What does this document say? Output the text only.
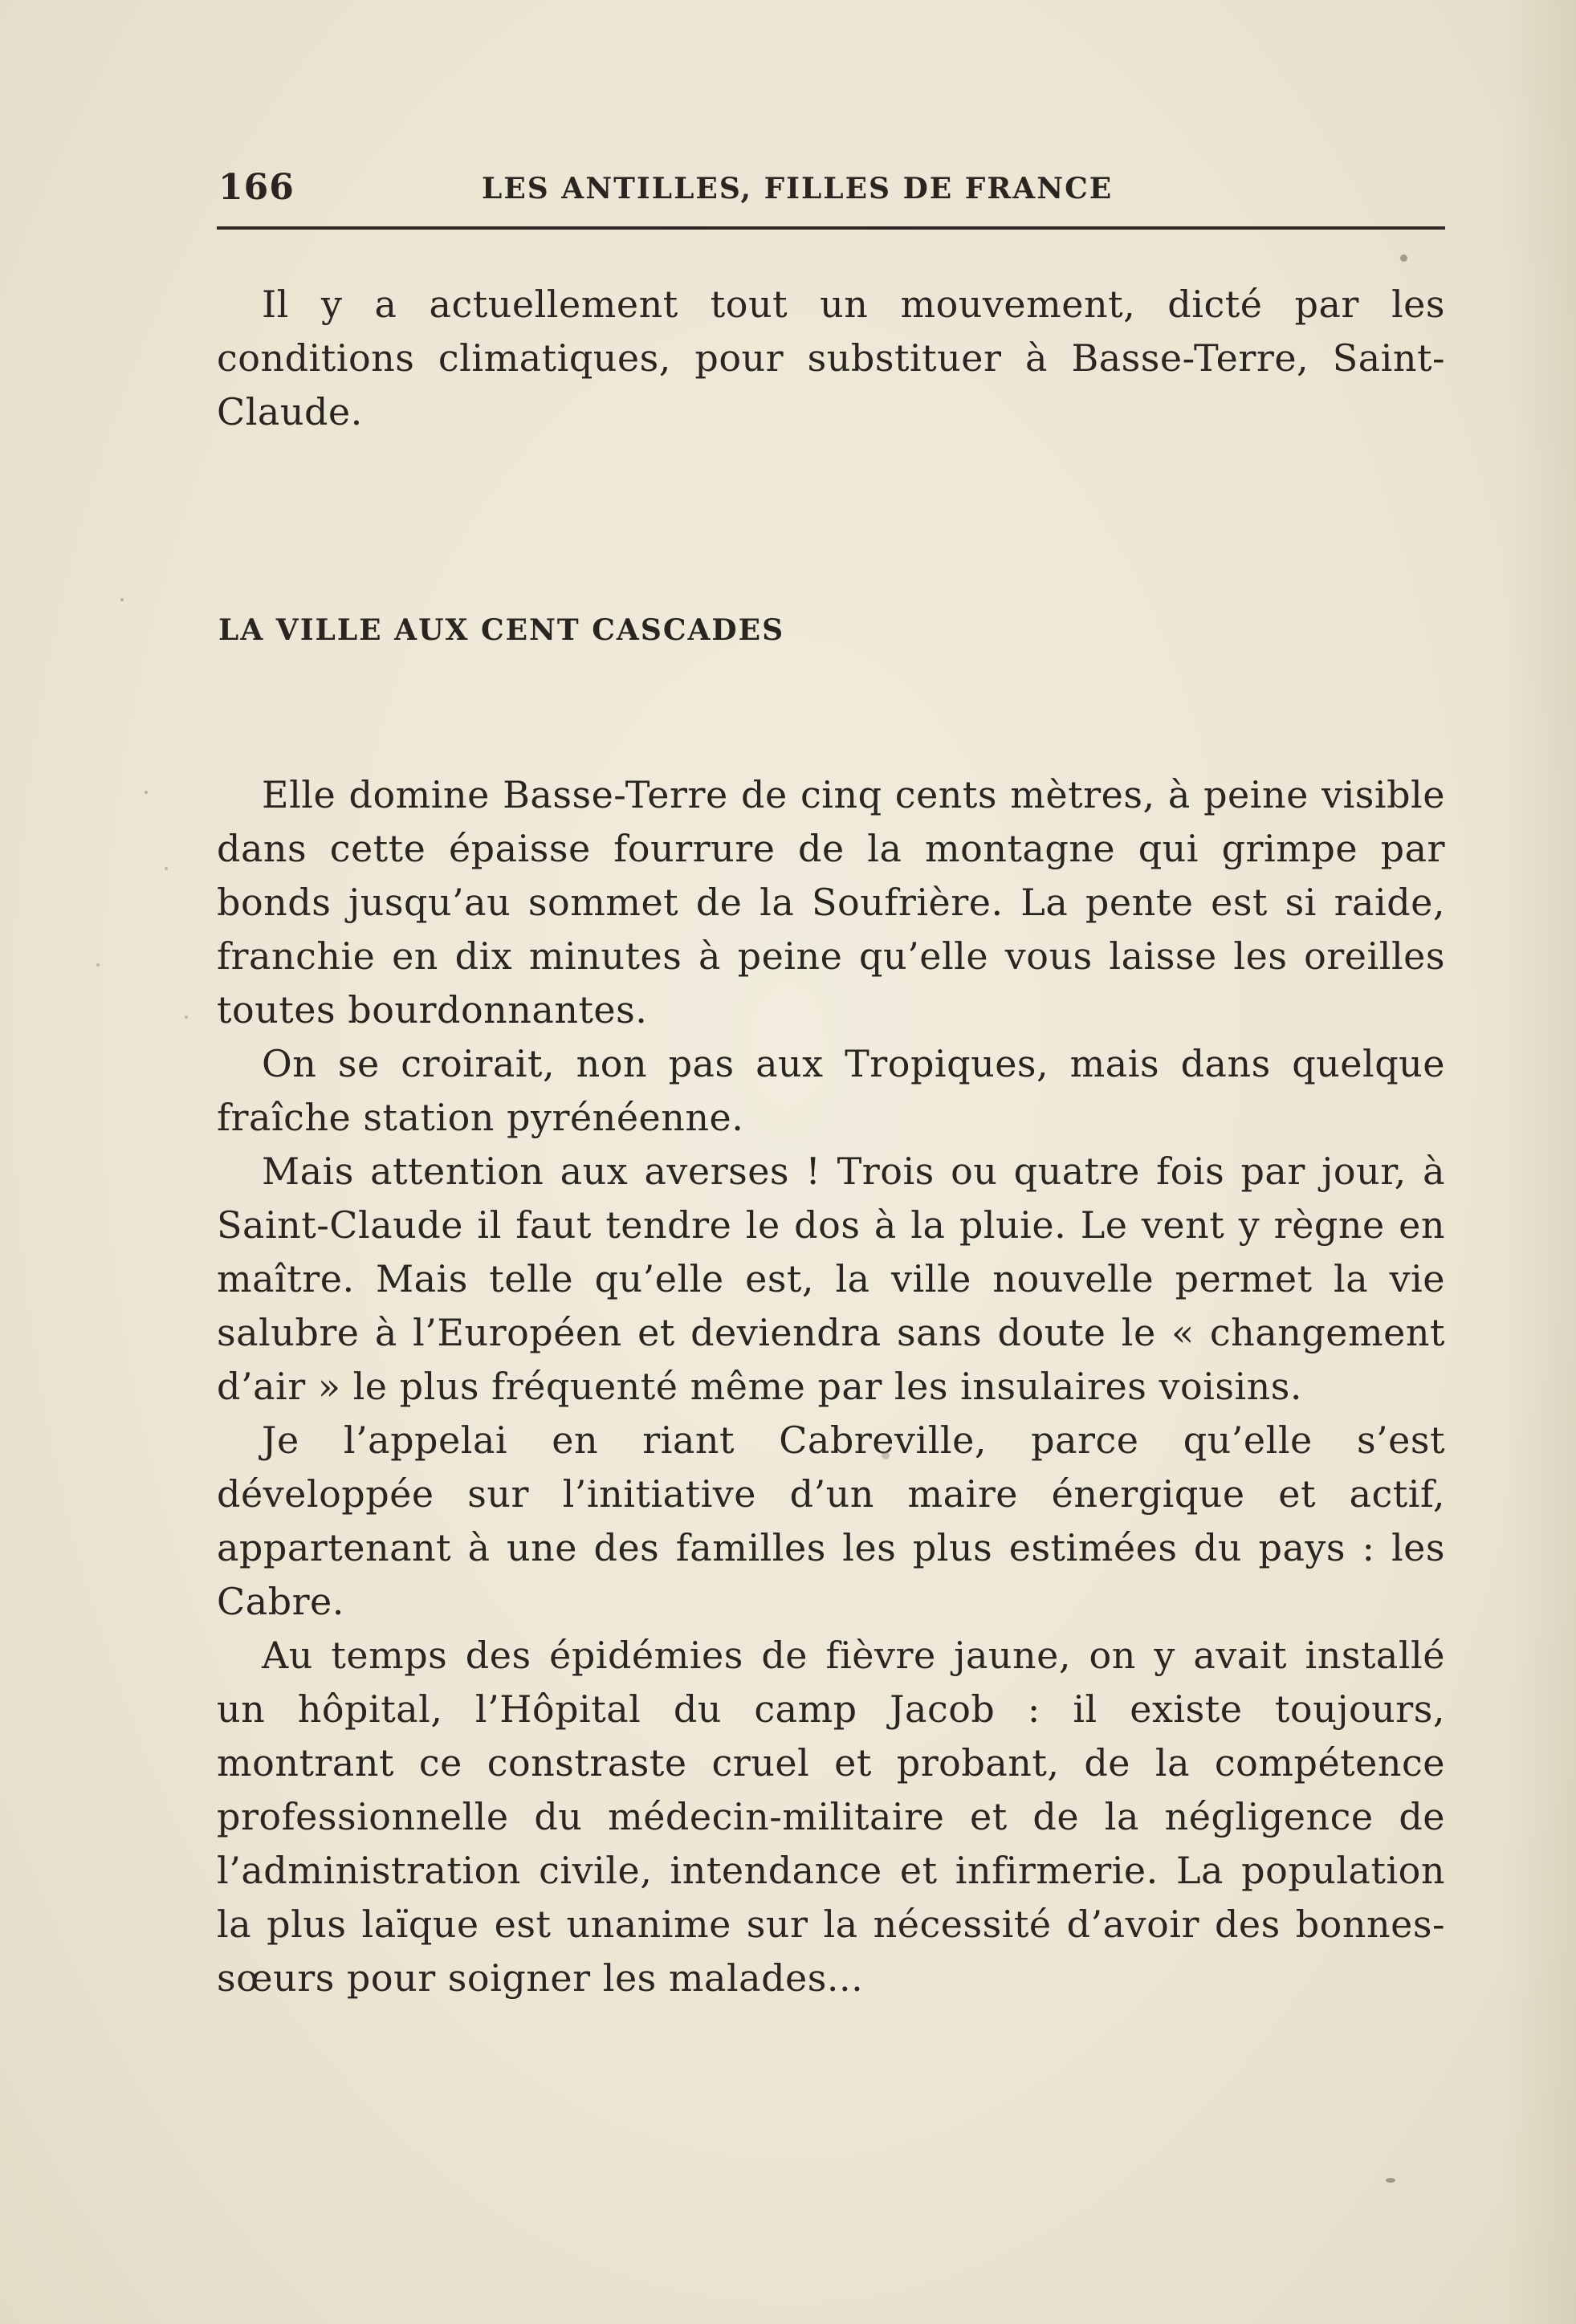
166	LES ANTILLES, FILLES DE FRANCE

Il y a actuellement tout un mouvement, dicté par les conditions climatiques, pour substituer à Basse-Terre, Saint-Claude.

LA VILLE AUX CENT CASCADES

Elle domine Basse-Terre de cinq cents mètres, à peine visible dans cette épaisse fourrure de la montagne qui grimpe par bonds jusqu’au sommet de la Soufrière. La pente est si raide, franchie en dix minutes à peine qu’elle vous laisse les oreilles toutes bourdonnantes.

On se croirait, non pas aux Tropiques, mais dans quelque fraîche station pyrénéenne.

Mais attention aux averses ! Trois ou quatre fois par jour, à Saint-Claude il faut tendre le dos à la pluie. Le vent y règne en maître. Mais telle qu’elle est, la ville nouvelle permet la vie salubre à l’Européen et deviendra sans doute le « changement d’air » le plus fréquenté même par les insulaires voisins.

Je l’appelai en riant Cabreville, parce qu’elle s’est développée sur l’initiative d’un maire énergique et actif, appartenant à une des familles les plus estimées du pays : les Cabre.

Au temps des épidémies de fièvre jaune, on y avait installé un hôpital, l’Hôpital du camp Jacob : il existe toujours, montrant ce constraste cruel et probant, de la compétence professionnelle du médecin-militaire et de la négligence de l’administration civile, intendance et infirmerie. La population la plus laïque est unanime sur la nécessité d’avoir des bonnes-sœurs pour soigner les malades...
